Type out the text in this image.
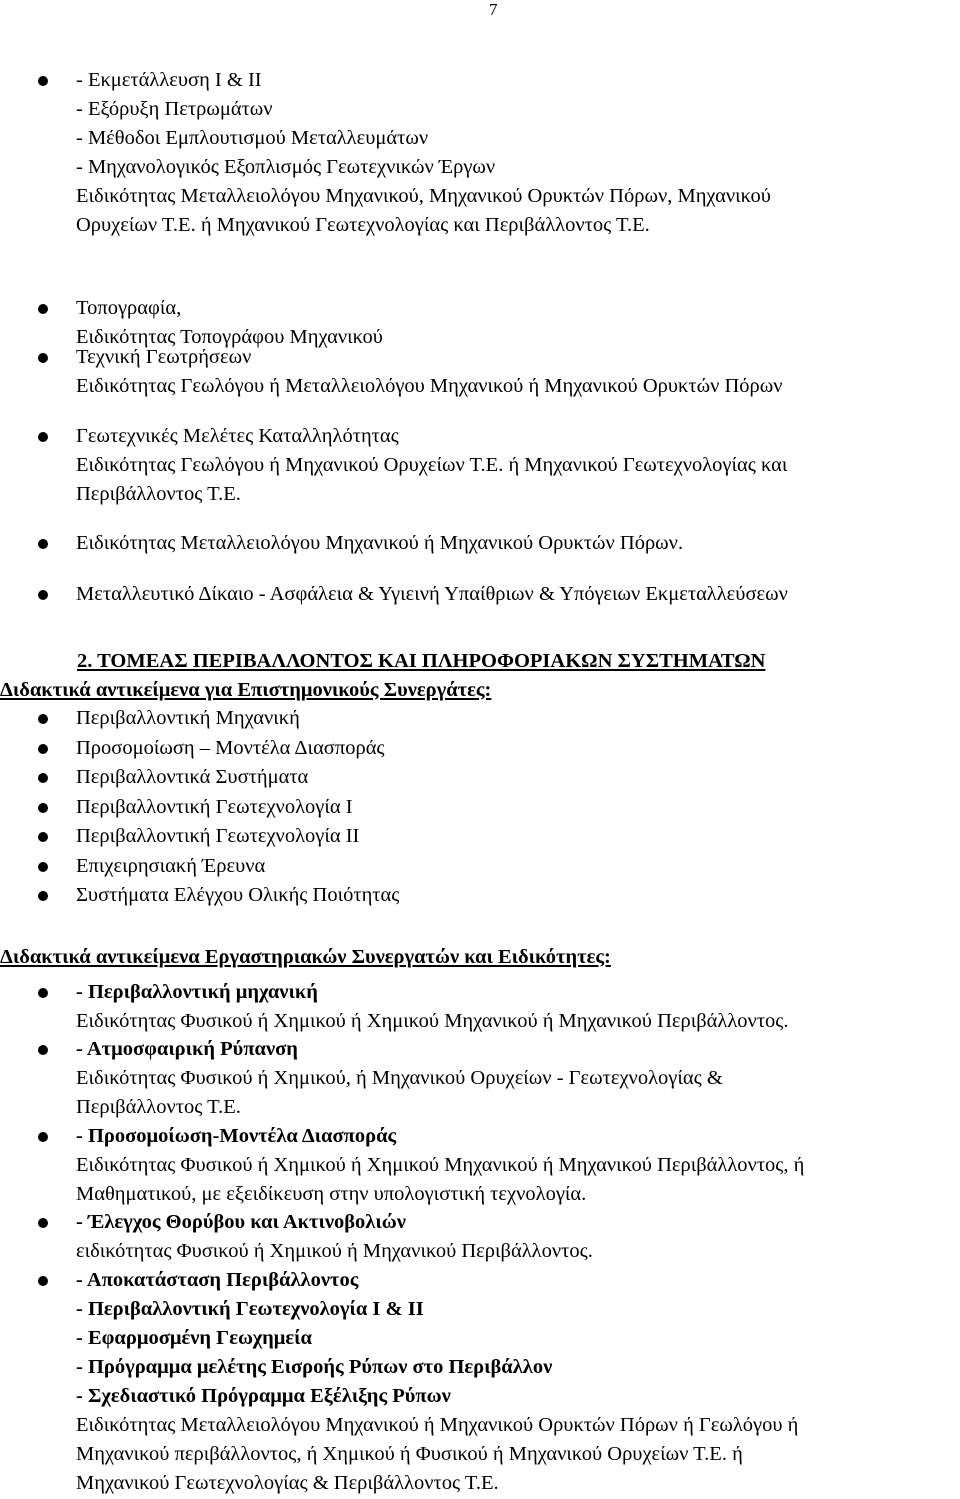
7
- Εκμετάλλευση Ι & ΙΙ
- Εξόρυξη Πετρωμάτων
- Μέθοδοι Εμπλουτισμού Μεταλλευμάτων
- Μηχανολογικός Εξοπλισμός Γεωτεχνικών Έργων
Ειδικότητας Μεταλλειολόγου Μηχανικού, Μηχανικού Ορυκτών Πόρων, Μηχανικού
Ορυχείων Τ.Ε. ή Μηχανικού Γεωτεχνολογίας και Περιβάλλοντος Τ.Ε.
Τοπογραφία,
Ειδικότητας Τοπογράφου Μηχανικού
Τεχνική Γεωτρήσεων
Ειδικότητας Γεωλόγου ή Μεταλλειολόγου Μηχανικού ή Μηχανικού Ορυκτών Πόρων
Γεωτεχνικές Μελέτες Καταλληλότητας
Ειδικότητας Γεωλόγου ή Μηχανικού Ορυχείων Τ.Ε. ή Μηχανικού Γεωτεχνολογίας και
Περιβάλλοντος Τ.Ε.
Ειδικότητας Μεταλλειολόγου Μηχανικού ή Μηχανικού Ορυκτών Πόρων.
Μεταλλευτικό Δίκαιο - Ασφάλεια & Υγιεινή Υπαίθριων & Υπόγειων Εκμεταλλεύσεων
2. ΤΟΜΕΑΣ ΠΕΡΙΒΑΛΛΟΝΤΟΣ ΚΑΙ ΠΛΗΡΟΦΟΡΙΑΚΩΝ ΣΥΣΤΗΜΑΤΩΝ
Διδακτικά αντικείμενα για Επιστημονικούς Συνεργάτες:
Περιβαλλοντική Μηχανική
Προσομοίωση – Μοντέλα Διασποράς
Περιβαλλοντικά Συστήματα
Περιβαλλοντική Γεωτεχνολογία Ι
Περιβαλλοντική Γεωτεχνολογία ΙΙ
Επιχειρησιακή Έρευνα
Συστήματα Ελέγχου Ολικής Ποιότητας
Διδακτικά αντικείμενα Εργαστηριακών Συνεργατών και Ειδικότητες:
- Περιβαλλοντική μηχανική
Ειδικότητας Φυσικού ή Χημικού ή Χημικού Μηχανικού ή Μηχανικού Περιβάλλοντος.
- Ατμοσφαιρική Ρύπανση
Ειδικότητας Φυσικού ή Χημικού, ή Μηχανικού Ορυχείων - Γεωτεχνολογίας &
Περιβάλλοντος Τ.Ε.
- Προσομοίωση-Μοντέλα Διασποράς
Ειδικότητας Φυσικού ή Χημικού ή Χημικού Μηχανικού ή Μηχανικού Περιβάλλοντος, ή
Μαθηματικού, με εξειδίκευση στην υπολογιστική τεχνολογία.
- Έλεγχος Θορύβου και Ακτινοβολιών
ειδικότητας Φυσικού ή Χημικού ή Μηχανικού Περιβάλλοντος.
- Αποκατάσταση Περιβάλλοντος
- Περιβαλλοντική Γεωτεχνολογία Ι & ΙΙ
- Εφαρμοσμένη Γεωχημεία
- Πρόγραμμα μελέτης Εισροής Ρύπων στο Περιβάλλον
- Σχεδιαστικό Πρόγραμμα Εξέλιξης Ρύπων
Ειδικότητας Μεταλλειολόγου Μηχανικού ή Μηχανικού Ορυκτών Πόρων ή Γεωλόγου ή
Μηχανικού περιβάλλοντος, ή Χημικού ή Φυσικού ή Μηχανικού Ορυχείων Τ.Ε. ή
Μηχανικού Γεωτεχνολογίας & Περιβάλλοντος Τ.Ε.
